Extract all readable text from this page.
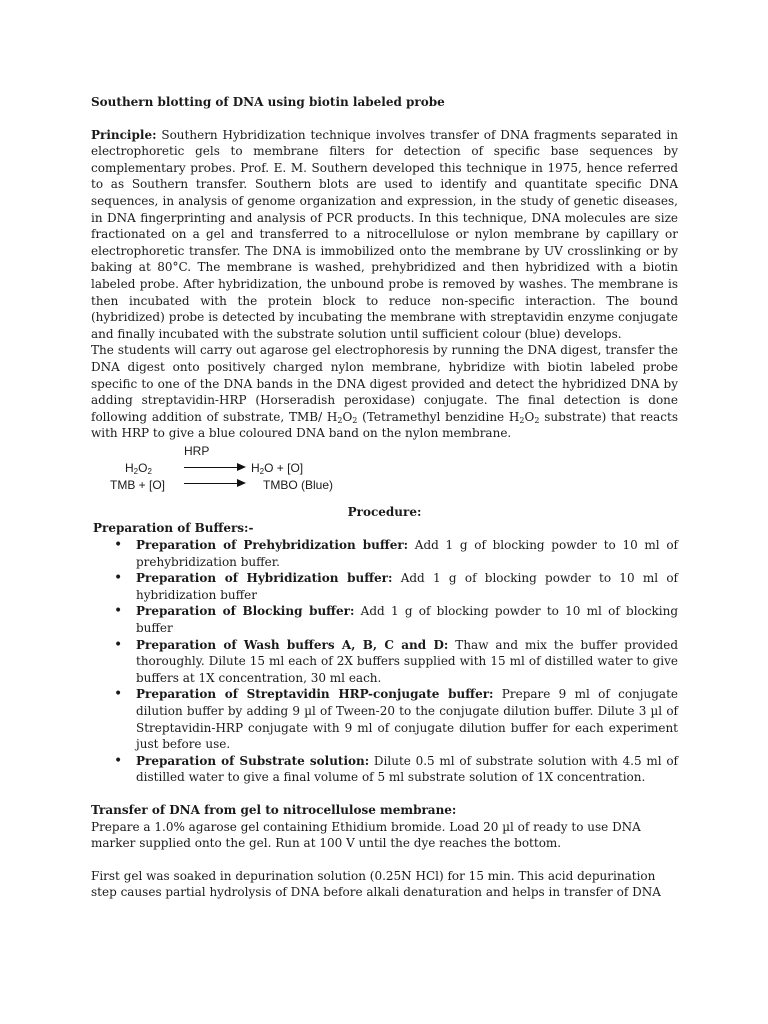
Southern blotting of DNA using biotin labeled probe

Principle: Southern Hybridization technique involves transfer of DNA fragments separated in electrophoretic gels to membrane filters for detection of specific base sequences by complementary probes. Prof. E. M. Southern developed this technique in 1975, hence referred to as Southern transfer. Southern blots are used to identify and quantitate specific DNA sequences, in analysis of genome organization and expression, in the study of genetic diseases, in DNA fingerprinting and analysis of PCR products. In this technique, DNA molecules are size fractionated on a gel and transferred to a nitrocellulose or nylon membrane by capillary or electrophoretic transfer. The DNA is immobilized onto the membrane by UV crosslinking or by baking at 80°C. The membrane is washed, prehybridized and then hybridized with a biotin labeled probe. After hybridization, the unbound probe is removed by washes. The membrane is then incubated with the protein block to reduce non-specific interaction. The bound (hybridized) probe is detected by incubating the membrane with streptavidin enzyme conjugate and finally incubated with the substrate solution until sufficient colour (blue) develops.

The students will carry out agarose gel electrophoresis by running the DNA digest, transfer the DNA digest onto positively charged nylon membrane, hybridize with biotin labeled probe specific to one of the DNA bands in the DNA digest provided and detect the hybridized DNA by adding streptavidin-HRP (Horseradish peroxidase) conjugate. The final detection is done following addition of substrate, TMB/ $H_2O_2$ (Tetramethyl benzidine $H_2O_2$ substrate) that reacts with HRP to give a blue coloured DNA band on the nylon membrane.

HRP
$H_2O_2$
TMB + [O]
$H_2O + [O]$
TMBO (Blue)

Procedure:

Preparation of Buffers:-

• Preparation of Prehybridization buffer: Add 1 g of blocking powder to 10 ml of prehybridization buffer.
• Preparation of Hybridization buffer: Add 1 g of blocking powder to 10 ml of hybridization buffer
• Preparation of Blocking buffer: Add 1 g of blocking powder to 10 ml of blocking buffer
• Preparation of Wash buffers A, B, C and D: Thaw and mix the buffer provided thoroughly. Dilute 15 ml each of 2X buffers supplied with 15 ml of distilled water to give buffers at 1X concentration, 30 ml each.
• Preparation of Streptavidin HRP-conjugate buffer: Prepare 9 ml of conjugate dilution buffer by adding 9 µl of Tween-20 to the conjugate dilution buffer. Dilute 3 µl of Streptavidin-HRP conjugate with 9 ml of conjugate dilution buffer for each experiment just before use.
• Preparation of Substrate solution: Dilute 0.5 ml of substrate solution with 4.5 ml of distilled water to give a final volume of 5 ml substrate solution of 1X concentration.

Transfer of DNA from gel to nitrocellulose membrane:

Prepare a 1.0% agarose gel containing Ethidium bromide. Load 20 µl of ready to use DNA marker supplied onto the gel. Run at 100 V until the dye reaches the bottom.

First gel was soaked in depurination solution (0.25N HCl) for 15 min. This acid depurination step causes partial hydrolysis of DNA before alkali denaturation and helps in transfer of DNA
